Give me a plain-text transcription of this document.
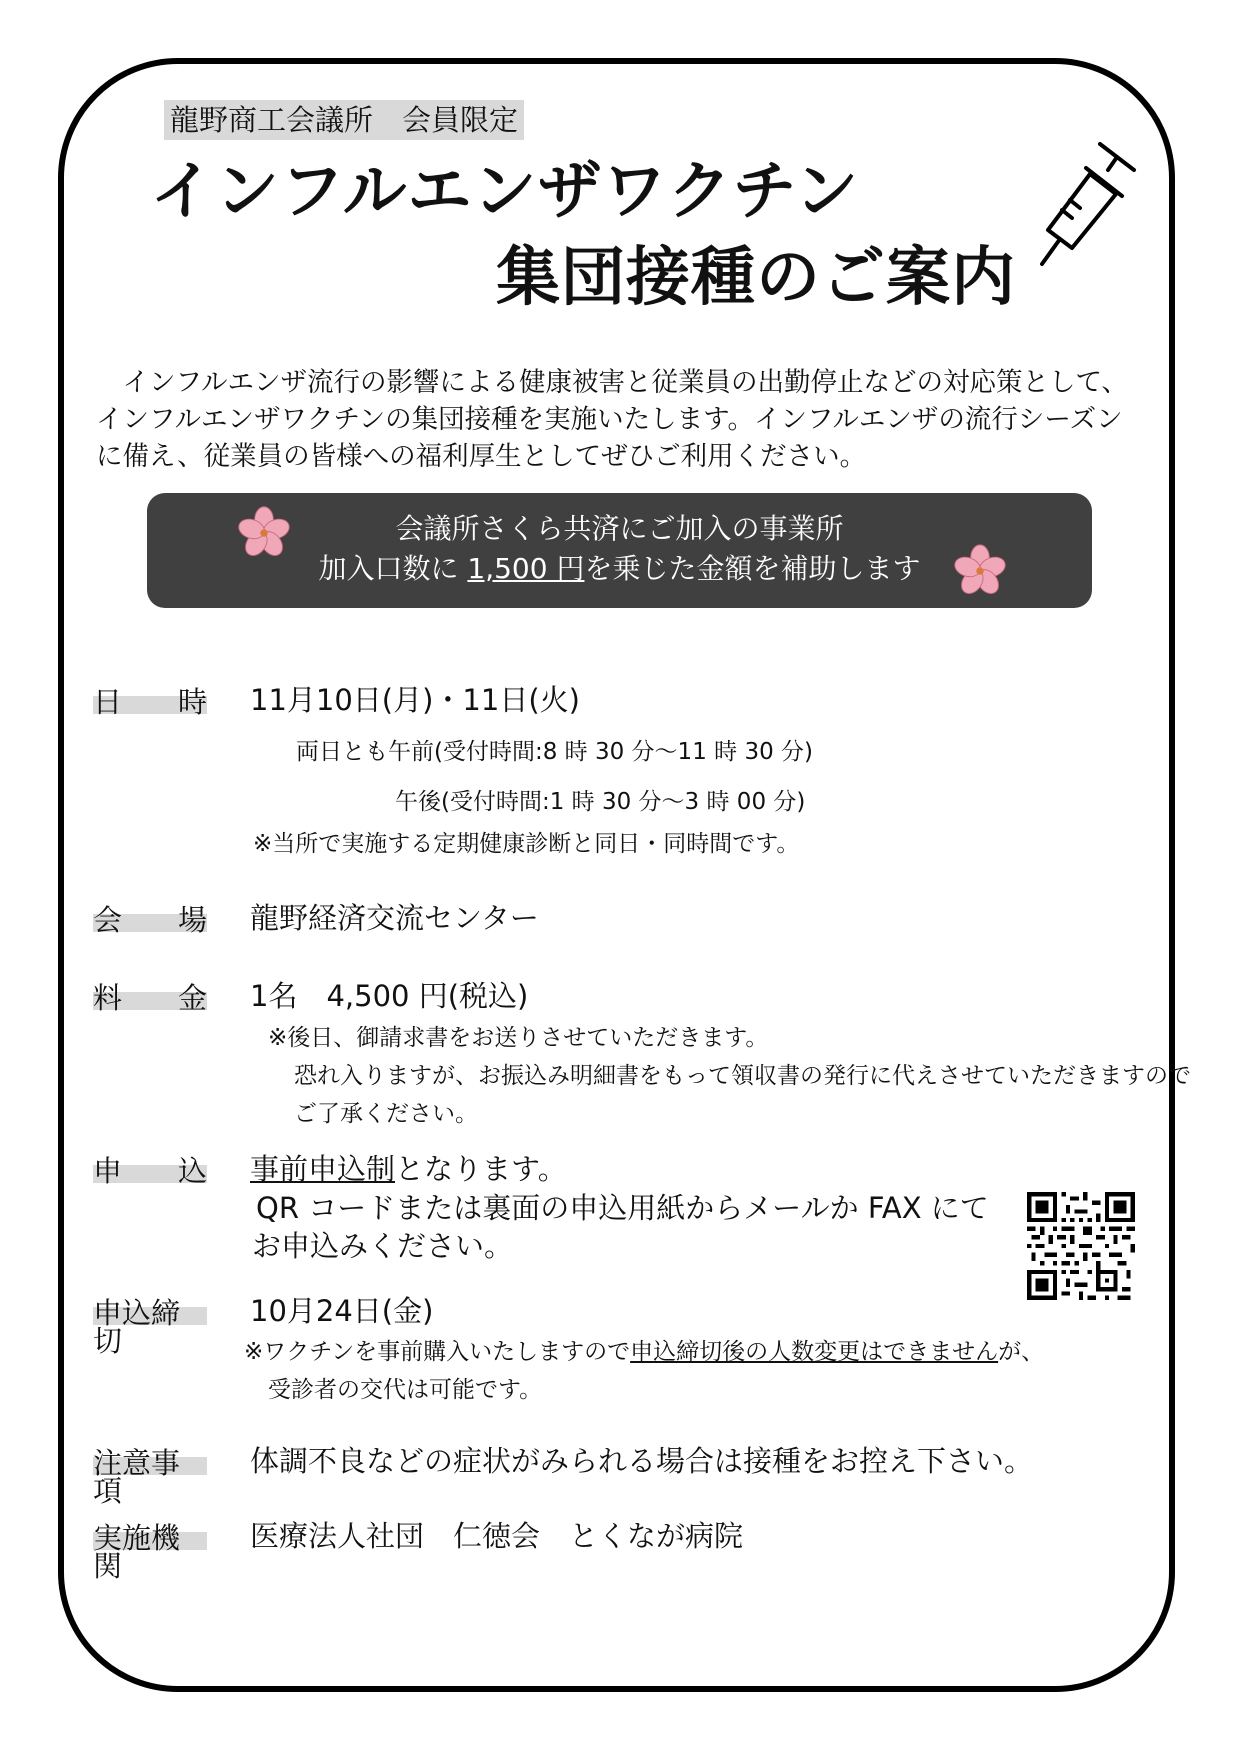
龍野商工会議所　会員限定
インフルエンザワクチン
集団接種のご案内

　インフルエンザ流行の影響による健康被害と従業員の出勤停止などの対応策として、

インフルエンザワクチンの集団接種を実施いたします。インフルエンザの流行シーズン

に備え、従業員の皆様への福利厚生としてぜひご利用ください。

会議所さくら共済にご加入の事業所
加入口数に 1,500 円を乗じた金額を補助します
日 時 11月10日(月)・11日(火)
両日とも午前(受付時間:8 時 30 分～11 時 30 分)
午後(受付時間:1 時 30 分～3 時 00 分)
※当所で実施する定期健康診断と同日・同時間です。
会 場 龍野経済交流センター
料 金 1名　4,500 円(税込)
※後日、御請求書をお送りさせていただきます。
恐れ入りますが、お振込み明細書をもって領収書の発行に代えさせていただきますので
ご了承ください。
申 込 事前申込制となります。
QR コードまたは裏面の申込用紙からメールか FAX にて
お申込みください。
申込締切
10月24日(金)
※ワクチンを事前購入いたしますので申込締切後の人数変更はできませんが、
受診者の交代は可能です。
注意事項
体調不良などの症状がみられる場合は接種をお控え下さい。
実施機関
医療法人社団　仁徳会　とくなが病院
